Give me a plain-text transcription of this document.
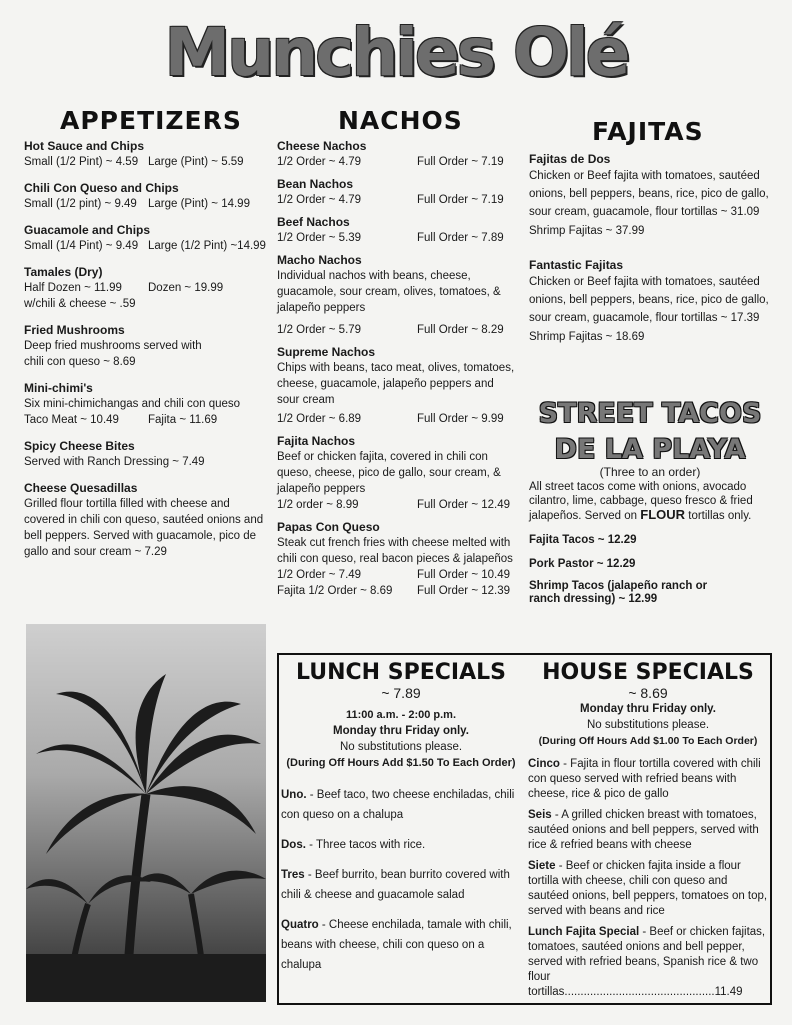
Munchies Olé
APPETIZERS	NACHOS	FAJITAS
Hot Sauce and Chips
Small (1/2 Pint) ~ 4.59 Large (Pint) ~ 5.59
Chili Con Queso and Chips
Small (1/2 pint) ~ 9.49 Large (Pint) ~ 14.99
Guacamole and Chips
Small (1/4 Pint) ~ 9.49 Large (1/2 Pint) ~14.99
Tamales (Dry)
Half Dozen ~ 11.99	Dozen ~ 19.99
w/chili & cheese ~ .59
Fried Mushrooms
Deep fried mushrooms served with chili con queso ~ 8.69
Mini-chimi's
Six mini-chimichangas and chili con queso
Taco Meat ~ 10.49	Fajita ~ 11.69
Spicy Cheese Bites
Served with Ranch Dressing ~ 7.49
Cheese Quesadillas
Grilled flour tortilla filled with cheese and covered in chili con queso, sautéed onions and bell peppers. Served with guacamole, pico de gallo and sour cream ~ 7.29
Cheese Nachos
1/2 Order ~ 4.79	Full Order ~ 7.19
Bean Nachos
1/2 Order ~ 4.79	Full Order ~ 7.19
Beef Nachos
1/2 Order ~ 5.39	Full Order ~ 7.89
Macho Nachos
Individual nachos with beans, cheese, guacamole, sour cream, olives, tomatoes, & jalapeño peppers
1/2 Order ~ 5.79	Full Order ~ 8.29
Supreme Nachos
Chips with beans, taco meat, olives, tomatoes, cheese, guacamole, jalapeño peppers and sour cream
1/2 Order ~ 6.89	Full Order ~ 9.99
Fajita Nachos
Beef or chicken fajita, covered in chili con queso, cheese, pico de gallo, sour cream, & jalapeño peppers
1/2 order ~ 8.99	Full Order ~ 12.49
Papas Con Queso
Steak cut french fries with cheese melted with chili con queso, real bacon pieces & jalapeños
1/2 Order ~ 7.49	Full Order ~ 10.49
Fajita 1/2 Order ~ 8.69	Full Order ~ 12.39
Fajitas de Dos
Chicken or Beef fajita with tomatoes, sautéed onions, bell peppers, beans, rice, pico de gallo, sour cream, guacamole, flour tortillas ~ 31.09
Shrimp Fajitas ~ 37.99
Fantastic Fajitas
Chicken or Beef fajita with tomatoes, sautéed onions, bell peppers, beans, rice, pico de gallo, sour cream, guacamole, flour tortillas ~ 17.39
Shrimp Fajitas ~ 18.69
STREET TACOS
DE LA PLAYA
(Three to an order)
All street tacos come with onions, avocado cilantro, lime, cabbage, queso fresco & fried jalapeños. Served on FLOUR tortillas only.
Fajita Tacos ~ 12.29
Pork Pastor ~ 12.29
Shrimp Tacos (jalapeño ranch or ranch dressing) ~ 12.99
LUNCH SPECIALS
~ 7.89
11:00 a.m. - 2:00 p.m.
Monday thru Friday only.
No substitutions please.
(During Off Hours Add $1.50 To Each Order)
Uno. - Beef taco, two cheese enchiladas, chili con queso on a chalupa
Dos. - Three tacos with rice.
Tres - Beef burrito, bean burrito covered with chili & cheese and guacamole salad
Quatro - Cheese enchilada, tamale with chili, beans with cheese, chili con queso on a chalupa
HOUSE SPECIALS
~ 8.69
Monday thru Friday only.
No substitutions please.
(During Off Hours Add $1.00 To Each Order)
Cinco - Fajita in flour tortilla covered with chili con queso served with refried beans with cheese, rice & pico de gallo
Seis - A grilled chicken breast with tomatoes, sautéed onions and bell peppers, served with rice & refried beans with cheese
Siete - Beef or chicken fajita inside a flour tortilla with cheese, chili con queso and sautéed onions, bell peppers, tomatoes on top, served with beans and rice
Lunch Fajita Special - Beef or chicken fajitas, tomatoes, sautéed onions and bell pepper, served with refried beans, Spanish rice & two flour tortillas...............................................11.49
